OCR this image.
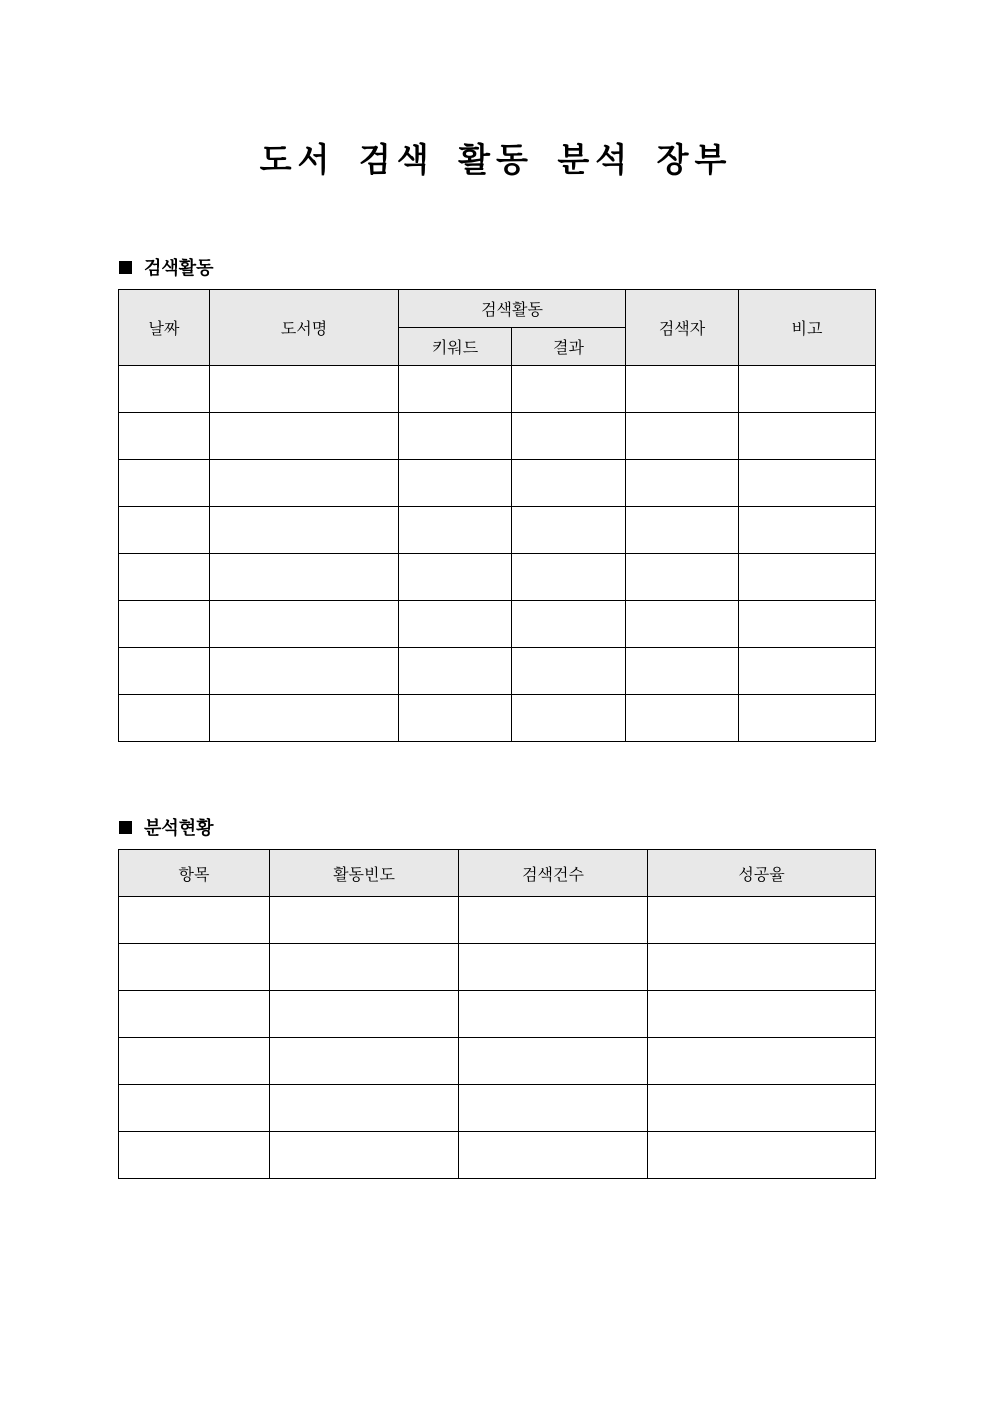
도서 검색 활동 분석 장부
검색활동
날짜	도서명	검색활동		검색자	비고
		키워드	결과		

분석현황
항목	활동빈도	검색건수	성공율
